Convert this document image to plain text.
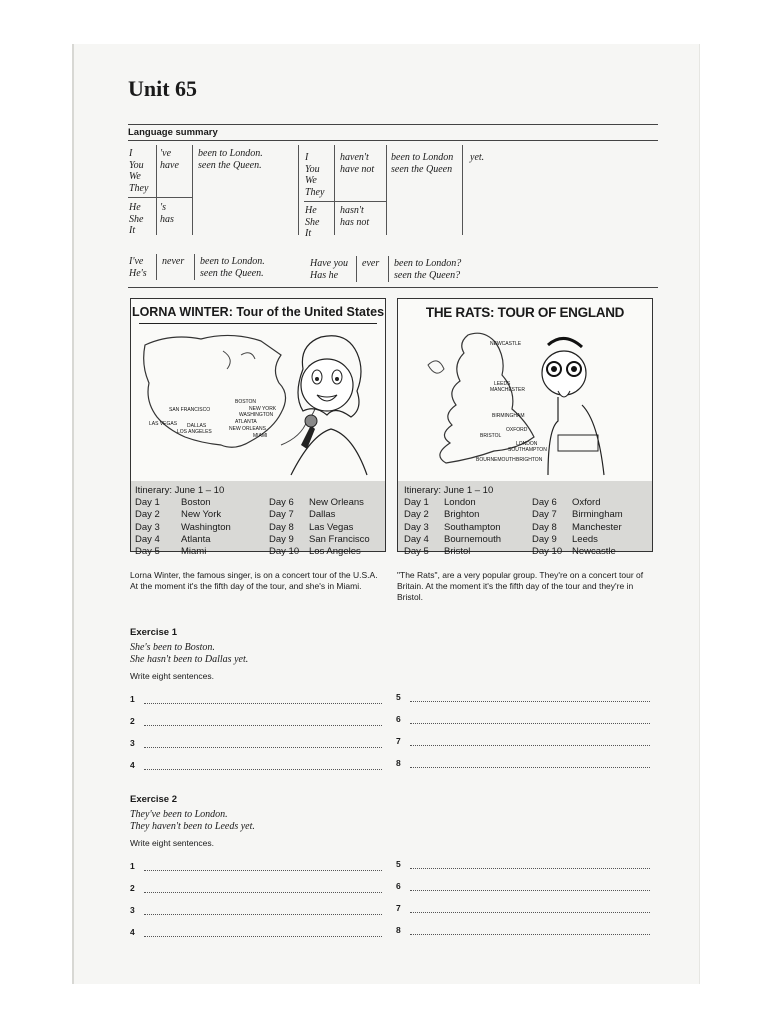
Unit 65
Language summary
I
You
We
They
've
have
been to London.
seen the Queen.
He
She
It
's
has
I
You
We
They
haven't
have not
been to London
seen the Queen
yet.
He
She
It
hasn't
has not
I've
He's
never been to London.
seen the Queen.
Have you
Has he
ever been to London?
seen the Queen?
LORNA WINTER: Tour of the United States
BOSTON
NEW YORK
WASHINGTON
SAN FRANCISCO
LAS VEGAS DALLAS
LOS ANGELES
ATLANTA
NEW ORLEANS
MIAMI
Itinerary: June 1 – 10
Day 1
Day 2
Day 3
Day 4
Day 5
Boston
New York
Washington
Atlanta
Miami
Day 6
Day 7
Day 8
Day 9
Day 10
New Orleans
Dallas
Las Vegas
San Francisco
Los Angeles
THE RATS: TOUR OF ENGLAND
NEWCASTLE
LEEDS
MANCHESTER
BIRMINGHAM
OXFORD
BRISTOL
LONDON
SOUTHAMPTON
BOURNEMOUTH BRIGHTON
Itinerary: June 1 – 10
Day 1
Day 2
Day 3
Day 4
Day 5
London
Brighton
Southampton
Bournemouth
Bristol
Day 6
Day 7
Day 8
Day 9
Day 10
Oxford
Birmingham
Manchester
Leeds
Newcastle
Lorna Winter, the famous singer, is on a concert tour of the U.S.A. At the moment it's the fifth day of the tour, and she's in Miami.
"The Rats", are a very popular group. They're on a concert tour of Britain. At the moment it's the fifth day of the tour and they're in Bristol.
Exercise 1
She's been to Boston.
She hasn't been to Dallas yet.
Write eight sentences.
1
2
3
4
5
6
7
8
Exercise 2
They've been to London.
They haven't been to Leeds yet.
Write eight sentences.
1
2
3
4
5
6
7
8
